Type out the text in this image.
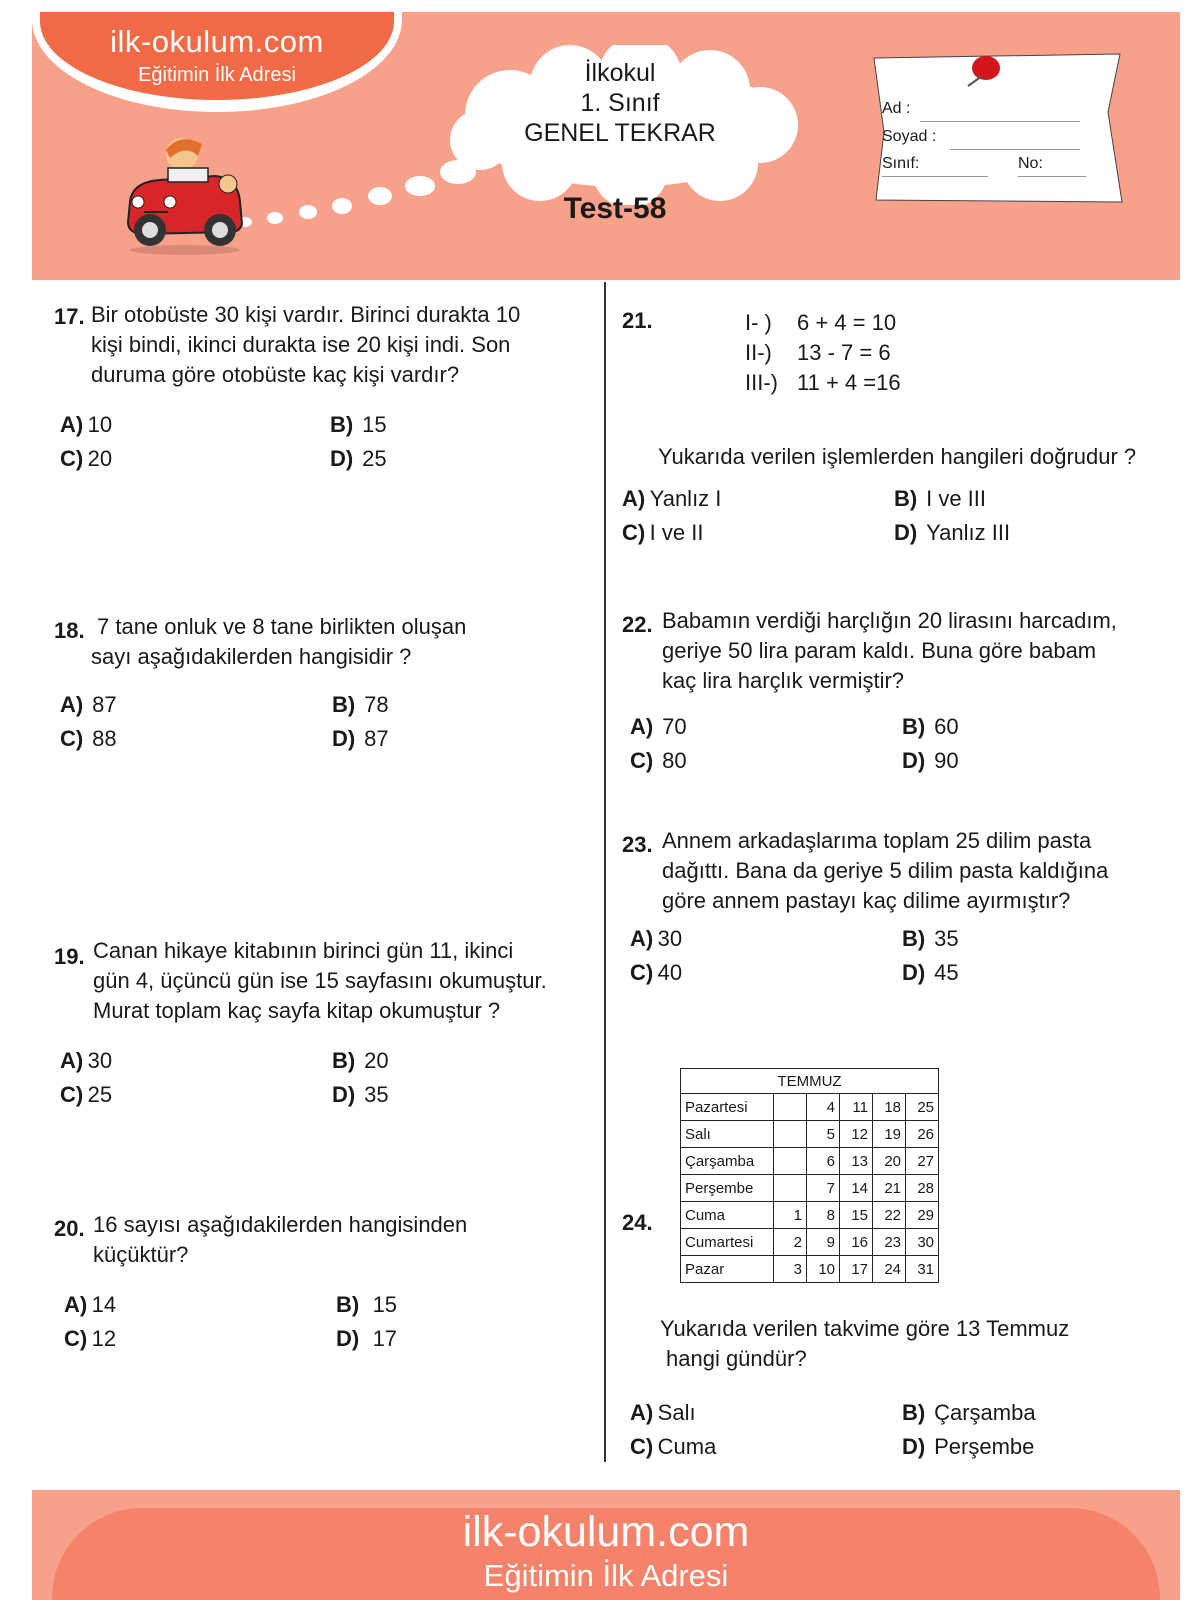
ilk-okulum.com
Eğitimin İlk Adresi	İlkokul
1. Sınıf
GENEL TEKRAR
Test-58
Ad :
Soyad :
Sınıf:	No:
17. Bir otobüste 30 kişi vardır. Birinci durakta 10
kişi bindi, ikinci durakta ise 20 kişi indi. Son
duruma göre otobüste kaç kişi vardır?
A) 10	B) 15
C) 20	D) 25
18. 7 tane onluk ve 8 tane birlikten oluşan
sayı aşağıdakilerden hangisidir ?
A) 87	B) 78
C) 88	D) 87
19. Canan hikaye kitabının birinci gün 11, ikinci
gün 4, üçüncü gün ise 15 sayfasını okumuştur.
Murat toplam kaç sayfa kitap okumuştur ?
A) 30	B) 20
C) 25	D) 35
20. 16 sayısı aşağıdakilerden hangisinden
küçüktür?
A) 14	B) 15
C) 12	D) 17
21.	I- ) 6 + 4 = 10
II-) 13 - 7 = 6
III-) 11 + 4 =16
Yukarıda verilen işlemlerden hangileri doğrudur ?
A) Yanlız I	B) I ve III
C) I ve II	D) Yanlız III
22. Babamın verdiği harçlığın 20 lirasını harcadım,
geriye 50 lira param kaldı. Buna göre babam
kaç lira harçlık vermiştir?
A) 70	B) 60
C) 80	D) 90
23. Annem arkadaşlarıma toplam 25 dilim pasta
dağıttı. Bana da geriye 5 dilim pasta kaldığına
göre annem pastayı kaç dilime ayırmıştır?
A) 30	B) 35
C) 40	D) 45
24.
TEMMUZ					
Pazartesi		4	11	18	25
Salı		5	12	19	26
Çarşamba		6	13	20	27
Perşembe		7	14	21	28
Cuma	1	8	15	22	29
Cumartesi	2	9	16	23	30
Pazar	3	10	17	24	31
Yukarıda verilen takvime göre 13 Temmuz
hangi gündür?
A) Salı	B) Çarşamba
C) Cuma	D) Perşembe
ilk-okulum.com
Eğitimin İlk Adresi
